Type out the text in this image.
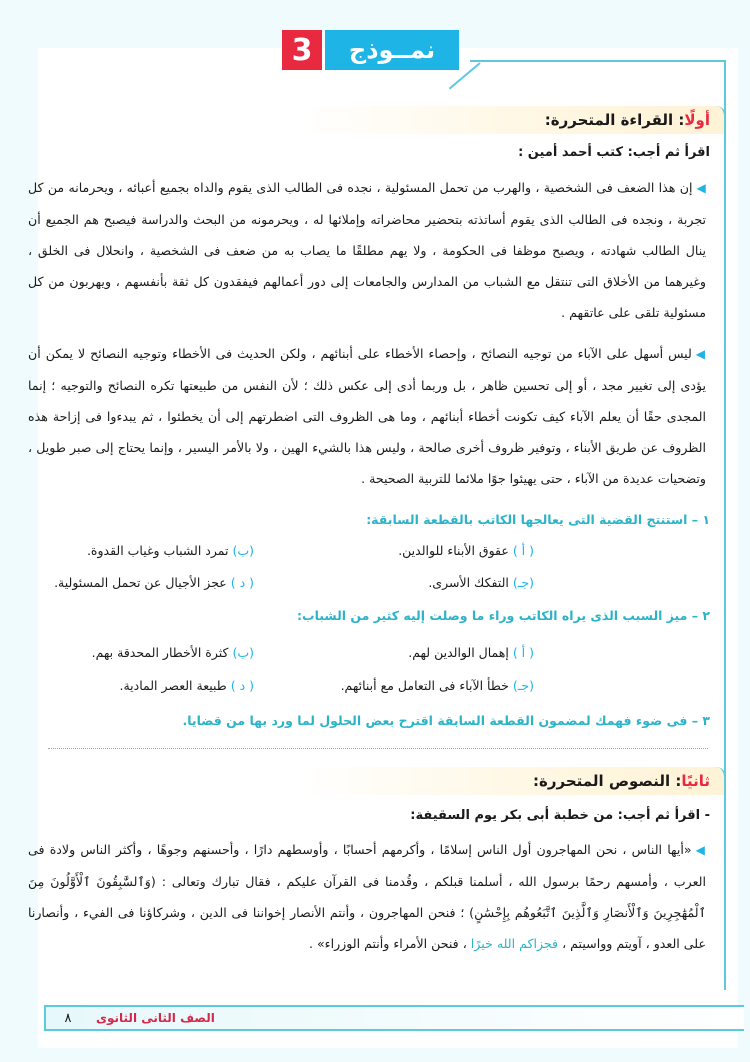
3	نمــوذج
أولًا: القراءة المتحررة:
اقرأ ثم أجب: كتب أحمد أمين :
◀إن هذا الضعف فى الشخصية ، والهرب من تحمل المسئولية ، نجده فى الطالب الذى يقوم والداه بجميع أعبائه ، ويحرمانه من كل تجربة ، ونجده فى الطالب الذى يقوم أساتذته بتحضير محاضراته وإملائها له ، ويحرمونه من البحث والدراسة فيصبح هم الجميع أن ينال الطالب شهادته ، ويصبح موظفا فى الحكومة ، ولا يهم مطلقًا ما يصاب به من ضعف فى الشخصية ، وانحلال فى الخلق ، وغيرهما من الأخلاق التى تنتقل مع الشباب من المدارس والجامعات إلى دور أعمالهم فيفقدون كل ثقة بأنفسهم ، ويهربون من كل مسئولية تلقى على عاتقهم .
◀ليس أسهل على الآباء من توجيه النصائح ، وإحصاء الأخطاء على أبنائهم ، ولكن الحديث فى الأخطاء وتوجيه النصائح لا يمكن أن يؤدى إلى تغيير مجد ، أو إلى تحسين ظاهر ، بل وربما أدى إلى عكس ذلك ؛ لأن النفس من طبيعتها تكره النصائح والتوجيه ؛ إنما المجدى حقًا أن يعلم الآباء كيف تكونت أخطاء أبنائهم ، وما هى الظروف التى اضطرتهم إلى أن يخطئوا ، ثم يبدءوا فى إزاحة هذه الظروف عن طريق الأبناء ، وتوفير ظروف أخرى صالحة ، وليس هذا بالشيء الهين ، ولا بالأمر اليسير ، وإنما يحتاج إلى صبر طويل ، وتضحيات عديدة من الآباء ، حتى يهيئوا جوًا ملائما للتربية الصحيحة .
١ – استنتج القضية التى يعالجها الكاتب بالقطعة السابقة:
( أ ) عقوق الأبناء للوالدين.
(ب) تمرد الشباب وغياب القدوة.
(جـ) التفكك الأسرى.
( د ) عجز الأجيال عن تحمل المسئولية.
٢ – ميز السبب الذى يراه الكاتب وراء ما وصلت إليه كثير من الشباب:
( أ ) إهمال الوالدين لهم.
(ب) كثرة الأخطار المحدقة بهم.
(جـ) خطأ الآباء فى التعامل مع أبنائهم.
( د ) طبيعة العصر المادية.
٣ – فى ضوء فهمك لمضمون القطعة السابقة اقترح بعض الحلول لما ورد بها من قضايا.
ثانيًا: النصوص المتحررة:
- اقرأ ثم أجب: من خطبة أبى بكر يوم السقيفة:
◀«أيها الناس ، نحن المهاجرون أول الناس إسلامًا ، وأكرمهم أحسابًا ، وأوسطهم دارًا ، وأحسنهم وجوهًا ، وأكثر الناس ولادة فى العرب ، وأمسهم رحمًا برسول الله ، أسلمنا قبلكم ، وقُدمنا فى القرآن عليكم ، فقال تبارك وتعالى : (وَٱلسَّٰبِقُونَ ٱلْأَوَّلُونَ مِنَ ٱلْمُهَٰجِرِينَ وَٱلْأَنصَارِ وَٱلَّذِينَ ٱتَّبَعُوهُم بِإِحْسَٰنٍ) ؛ فنحن المهاجرون ، وأنتم الأنصار إخواننا فى الدين ، وشركاؤنا فى الفيء ، وأنصارنا على العدو ، آويتم وواسيتم ، فجزاكم الله خيرًا ، فنحن الأمراء وأنتم الوزراء» .
٨	الصف الثانى الثانوى
